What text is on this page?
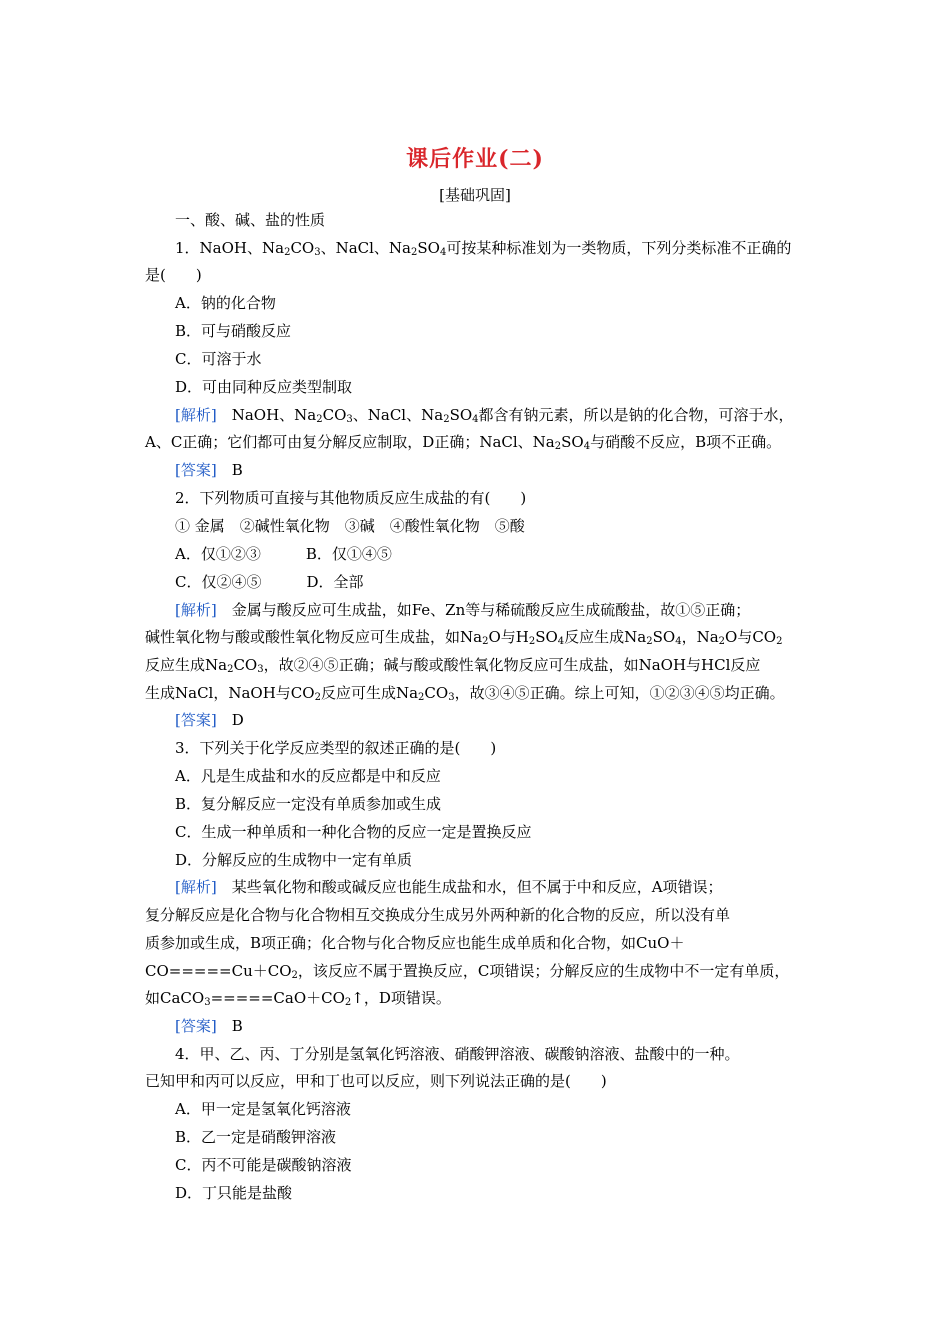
课后作业(二)
[基础巩固]
一、酸、碱、盐的性质
1．NaOH、$Na_2CO_3$、NaCl、$Na_2SO_4$可按某种标准划为一类物质，下列分类标准不正确的
是(　　)
A．钠的化合物
B．可与硝酸反应
C．可溶于水
D．可由同种反应类型制取
[解析]　NaOH、$Na_2CO_3$、NaCl、$Na_2SO_4$都含有钠元素，所以是钠的化合物，可溶于水，
A、C正确；它们都可由复分解反应制取，D正确；NaCl、$Na_2SO_4$与硝酸不反应，B项不正确。
[答案]　B
2．下列物质可直接与其他物质反应生成盐的有(　　)
① 金属　②碱性氧化物　③碱　④酸性氧化物　⑤酸
A．仅①②③　　　B．仅①④⑤
C．仅②④⑤　　　D．全部
[解析]　金属与酸反应可生成盐，如Fe、Zn等与稀硫酸反应生成硫酸盐，故①⑤正确；
碱性氧化物与酸或酸性氧化物反应可生成盐，如$Na_2O$与$H_2SO_4$反应生成$Na_2SO_4$，$Na_2O$与$CO_2$
反应生成$Na_2CO_3$，故②④⑤正确；碱与酸或酸性氧化物反应可生成盐，如NaOH与HCl反应
生成NaCl，NaOH与$CO_2$反应可生成$Na_2CO_3$，故③④⑤正确。综上可知，①②③④⑤均正确。
[答案]　D
3．下列关于化学反应类型的叙述正确的是(　　)
A．凡是生成盐和水的反应都是中和反应
B．复分解反应一定没有单质参加或生成
C．生成一种单质和一种化合物的反应一定是置换反应
D．分解反应的生成物中一定有单质
[解析]　某些氧化物和酸或碱反应也能生成盐和水，但不属于中和反应，A项错误；
复分解反应是化合物与化合物相互交换成分生成另外两种新的化合物的反应，所以没有单
质参加或生成，B项正确；化合物与化合物反应也能生成单质和化合物，如CuO＋
$CO=====Cu+CO_2$，该反应不属于置换反应，C项错误；分解反应的生成物中不一定有单质，
如$CaCO_3=====CaO+CO_2↑$，D项错误。
[答案]　B
4．甲、乙、丙、丁分别是氢氧化钙溶液、硝酸钾溶液、碳酸钠溶液、盐酸中的一种。
已知甲和丙可以反应，甲和丁也可以反应，则下列说法正确的是(　　)
A．甲一定是氢氧化钙溶液
B．乙一定是硝酸钾溶液
C．丙不可能是碳酸钠溶液
D．丁只能是盐酸
